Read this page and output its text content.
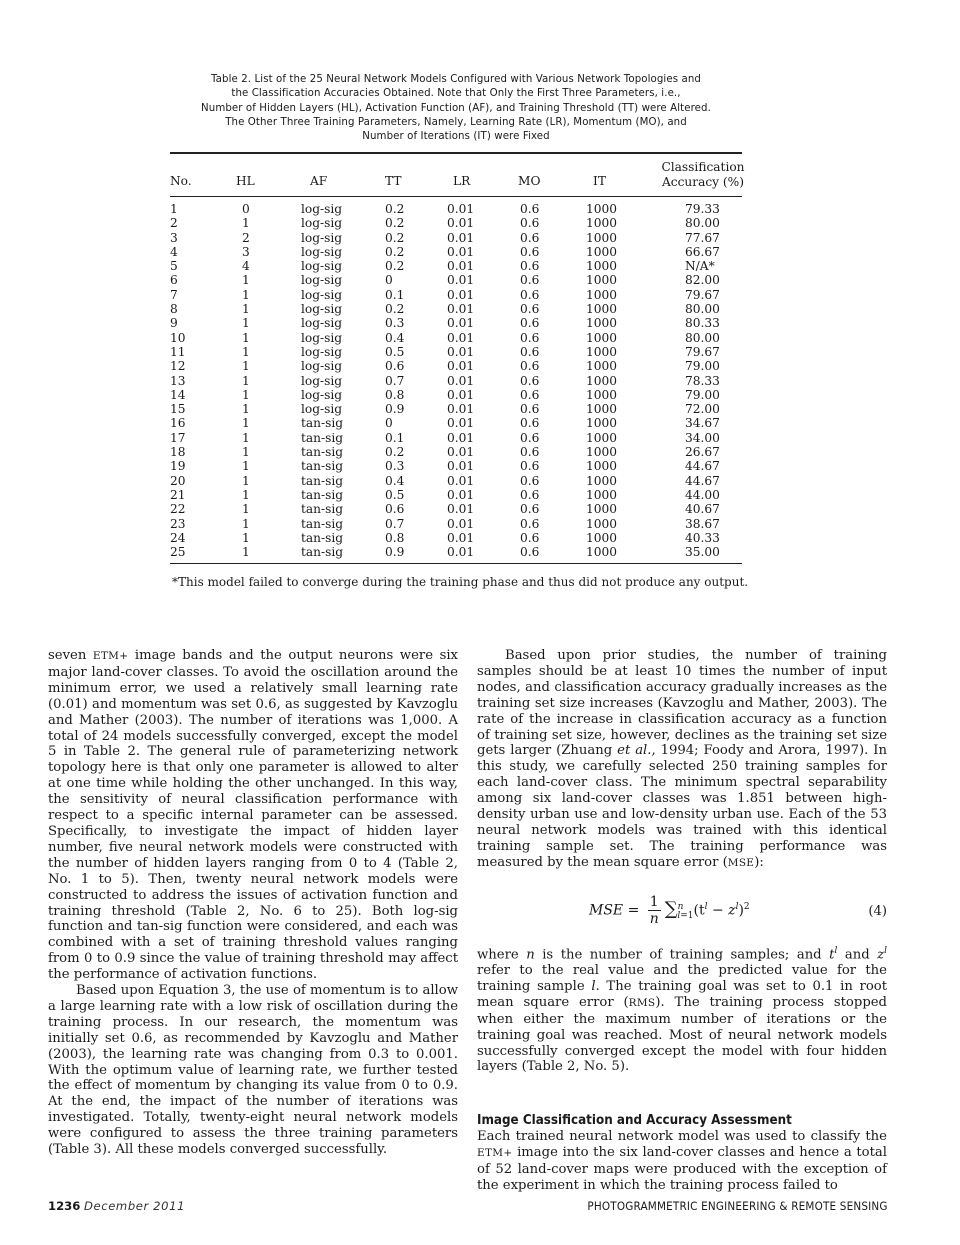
Table 2. List of the 25 Neural Network Models Configured with Various Network Topologies and
the Classification Accuracies Obtained. Note that Only the First Three Parameters, i.e.,
Number of Hidden Layers (HL), Activation Function (AF), and Training Threshold (TT) were Altered.
The Other Three Training Parameters, Namely, Learning Rate (LR), Momentum (MO), and
Number of Iterations (IT) were Fixed
No.	HL	AF	TT	LR	MO	IT
Classification
Accuracy (%)
1	0	log-sig	0.2	0.01	0.6	1000	79.33
2	1	log-sig	0.2	0.01	0.6	1000	80.00
3	2	log-sig	0.2	0.01	0.6	1000	77.67
4	3	log-sig	0.2	0.01	0.6	1000	66.67
5	4	log-sig	0.2	0.01	0.6	1000	N/A*
6	1	log-sig	0	0.01	0.6	1000	82.00
7	1	log-sig	0.1	0.01	0.6	1000	79.67
8	1	log-sig	0.2	0.01	0.6	1000	80.00
9	1	log-sig	0.3	0.01	0.6	1000	80.33
10	1	log-sig	0.4	0.01	0.6	1000	80.00
11	1	log-sig	0.5	0.01	0.6	1000	79.67
12	1	log-sig	0.6	0.01	0.6	1000	79.00
13	1	log-sig	0.7	0.01	0.6	1000	78.33
14	1	log-sig	0.8	0.01	0.6	1000	79.00
15	1	log-sig	0.9	0.01	0.6	1000	72.00
16	1	tan-sig	0	0.01	0.6	1000	34.67
17	1	tan-sig	0.1	0.01	0.6	1000	34.00
18	1	tan-sig	0.2	0.01	0.6	1000	26.67
19	1	tan-sig	0.3	0.01	0.6	1000	44.67
20	1	tan-sig	0.4	0.01	0.6	1000	44.67
21	1	tan-sig	0.5	0.01	0.6	1000	44.00
22	1	tan-sig	0.6	0.01	0.6	1000	40.67
23	1	tan-sig	0.7	0.01	0.6	1000	38.67
24	1	tan-sig	0.8	0.01	0.6	1000	40.33
25	1	tan-sig	0.9	0.01	0.6	1000	35.00
*This model failed to converge during the training phase and thus did not produce any output.

seven ETM+ image bands and the output neurons were six major land-cover classes. To avoid the oscillation around the minimum error, we used a relatively small learning rate (0.01) and momentum was set 0.6, as suggested by Kavzoglu and Mather (2003). The number of iterations was 1,000. A total of 24 models successfully converged, except the model 5 in Table 2. The general rule of parameterizing network topology here is that only one parameter is allowed to alter at one time while holding the other unchanged. In this way, the sensitivity of neural classification performance with respect to a specific internal parameter can be assessed. Specifically, to investigate the impact of hidden layer number, five neural network models were constructed with the number of hidden layers ranging from 0 to 4 (Table 2, No. 1 to 5). Then, twenty neural network models were constructed to address the issues of activation function and training threshold (Table 2, No. 6 to 25). Both log-sig function and tan-sig function were considered, and each was combined with a set of training threshold values ranging from 0 to 0.9 since the value of training threshold may affect the performance of activation functions.

Based upon Equation 3, the use of momentum is to allow a large learning rate with a low risk of oscillation during the training process. In our research, the momentum was initially set 0.6, as recommended by Kavzoglu and Mather (2003), the learning rate was changing from 0.3 to 0.001. With the optimum value of learning rate, we further tested the effect of momentum by changing its value from 0 to 0.9. At the end, the impact of the number of iterations was investigated. Totally, twenty-eight neural network models were configured to assess the three training parameters (Table 3). All these models converged successfully.

Based upon prior studies, the number of training samples should be at least 10 times the number of input nodes, and classification accuracy gradually increases as the training set size increases (Kavzoglu and Mather, 2003). The rate of the increase in classification accuracy as a function of training set size, however, declines as the training set size gets larger (Zhuang et al., 1994; Foody and Arora, 1997). In this study, we carefully selected 250 training samples for each land-cover class. The minimum spectral separability among six land-cover classes was 1.851 between high-density urban use and low-density urban use. Each of the 53 neural network models was trained with this identical training sample set. The training performance was measured by the mean square error (MSE):

MSE = $\frac{1}{n} \sum^n_{l=1}(t^l - z^l)^2$	(4)

where n is the number of training samples; and $t^l$ and $z^l$ refer to the real value and the predicted value for the training sample l. The training goal was set to 0.1 in root mean square error (RMS). The training process stopped when either the maximum number of iterations or the training goal was reached. Most of neural network models successfully converged except the model with four hidden layers (Table 2, No. 5).

Image Classification and Accuracy Assessment

Each trained neural network model was used to classify the ETM+ image into the six land-cover classes and hence a total of 52 land-cover maps were produced with the exception of the experiment in which the training process failed to

1236 December 2011	PHOTOGRAMMETRIC ENGINEERING & REMOTE SENSING
